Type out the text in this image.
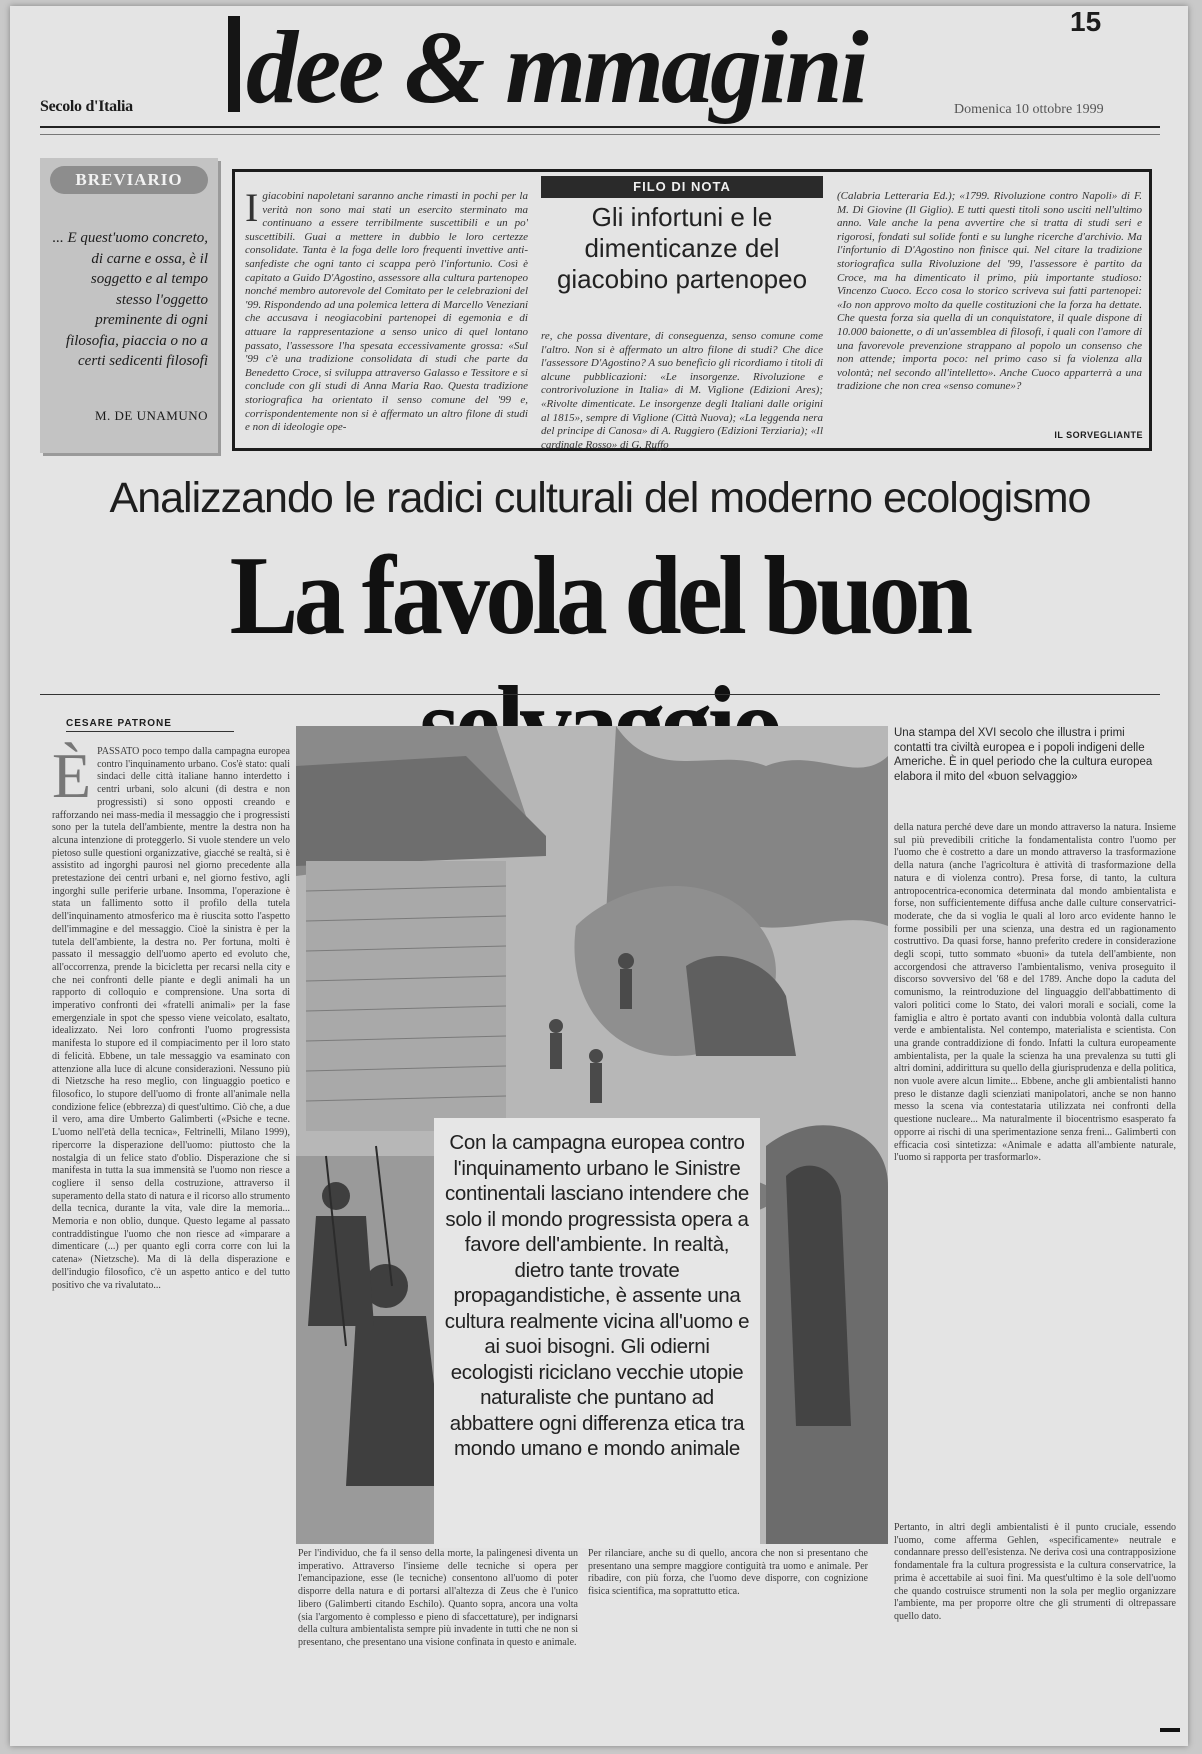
15
Secolo d'Italia dee & mmagini	Domenica 10 ottobre 1999
BREVIARIO
... E quest'uomo concreto, di carne e ossa, è il soggetto e al tempo stesso l'oggetto preminente di ogni filosofia, piaccia o no a certi sedicenti filosofi
M. DE UNAMUNO
Igiacobini napoletani saranno anche rimasti in pochi per la verità non sono mai stati un esercito sterminato ma continuano a essere terribilmente suscettibili e un po' suscettibili. Guai a mettere in dubbio le loro certezze consolidate. Tanta è la foga delle loro frequenti invettive anti-sanfediste che ogni tanto ci scappa però l'infortunio. Così è capitato a Guido D'Agostino, assessore alla cultura partenopeo nonché membro autorevole del Comitato per le celebrazioni del '99. Rispondendo ad una polemica lettera di Marcello Veneziani che accusava i neogiacobini partenopei di egemonia e di attuare la rappresentazione a senso unico di quel lontano passato, l'assessore l'ha spesata eccessivamente grossa: «Sul '99 c'è una tradizione consolidata di studi che parte da Benedetto Croce, si sviluppa attraverso Galasso e Tessitore e si conclude con gli studi di Anna Maria Rao. Questa tradizione storiografica ha orientato il senso comune del '99 e, corrispondentemente non si è affermato un altro filone di studi e non di ideologie ope-
FILO DI NOTA
Gli infortuni e le dimenticanze del giacobino partenopeo
re, che possa diventare, di conseguenza, senso comune come l'altro. Non si è affermato un altro filone di studi? Che dice l'assessore D'Agostino? A suo beneficio gli ricordiamo i titoli di alcune pubblicazioni: «Le insorgenze. Rivoluzione e controrivoluzione in Italia» di M. Viglione (Edizioni Ares); «Rivolte dimenticate. Le insorgenze degli Italiani dalle origini al 1815», sempre di Viglione (Città Nuova); «La leggenda nera del principe di Canosa» di A. Ruggiero (Edizioni Terziaria); «Il cardinale Rosso» di G. Ruffo
(Calabria Letteraria Ed.); «1799. Rivoluzione contro Napoli» di F. M. Di Giovine (Il Giglio). E tutti questi titoli sono usciti nell'ultimo anno. Vale anche la pena avvertire che si tratta di studi seri e rigorosi, fondati sul solide fonti e su lunghe ricerche d'archivio. Ma l'infortunio di D'Agostino non finisce qui. Nel citare la tradizione storiografica sulla Rivoluzione del '99, l'assessore è partito da Croce, ma ha dimenticato il primo, più importante studioso: Vincenzo Cuoco. Ecco cosa lo storico scriveva sui fatti partenopei: «Io non approvo molto da quelle costituzioni che la forza ha dettate. Che questa forza sia quella di un conquistatore, il quale dispone di 10.000 baionette, o di un'assemblea di filosofi, i quali con l'amore di una favorevole prevenzione strappano al popolo un consenso che non attende; importa poco: nel primo caso si fa violenza alla volontà; nel secondo all'intelletto». Anche Cuoco apparterrà a una tradizione che non crea «senso comune»?
IL SORVEGLIANTE
Analizzando le radici culturali del moderno ecologismo
La favola del buon
CESARE PATRONE
ÈPASSATO poco tempo dalla campagna europea contro l'inquinamento urbano. Cos'è stato: quali sindaci delle città italiane hanno interdetto i centri urbani, solo alcuni (di destra e non progressisti) si sono opposti creando e rafforzando nei mass-media il messaggio che i progressisti sono per la tutela dell'ambiente, mentre la destra non ha alcuna intenzione di proteggerlo. Si vuole stendere un velo pietoso sulle questioni organizzative, giacché se realtà, si è assistito ad ingorghi paurosi nel giorno precedente alla pretestazione dei centri urbani e, nel giorno festivo, agli ingorghi sulle periferie urbane. Insomma, l'operazione è stata un fallimento sotto il profilo della tutela dell'inquinamento atmosferico ma è riuscita sotto l'aspetto dell'immagine e del messaggio. Cioè la sinistra è per la tutela dell'ambiente, la destra no. Per fortuna, molti è passato il messaggio dell'uomo aperto ed evoluto che, all'occorrenza, prende la bicicletta per recarsi nella city e che nei confronti delle piante e degli animali ha un rapporto di colloquio e comprensione. Una sorta di imperativo confronti dei «fratelli animali» per la fase emergenziale in spot che spesso viene veicolato, esaltato, idealizzato. Nei loro confronti l'uomo progressista manifesta lo stupore ed il compiacimento per il loro stato di felicità. Ebbene, un tale messaggio va esaminato con attenzione alla luce di alcune considerazioni. Nessuno più di Nietzsche ha reso meglio, con linguaggio poetico e filosofico, lo stupore dell'uomo di fronte all'animale nella condizione felice (ebbrezza) di quest'ultimo. Ciò che, a due il vero, ama dire Umberto Galimberti («Psiche e tecne. L'uomo nell'età della tecnica», Feltrinelli, Milano 1999), ripercorre la disperazione dell'uomo: piuttosto che la nostalgia di un felice stato d'oblio. Disperazione che si manifesta in tutta la sua immensità se l'uomo non riesce a cogliere il senso della costruzione, attraverso il superamento della stato di natura e il ricorso allo strumento della tecnica, durante la vita, vale dire la memoria... Memoria e non oblio, dunque. Questo legame al passato contraddistingue l'uomo che non riesce ad «imparare a dimenticare (...) per quanto egli corra corre con lui la catena» (Nietzsche). Ma di là della disperazione e dell'indugio filosofico, c'è un aspetto antico e del tutto positivo che va rivalutato...
Una stampa del XVI secolo che illustra i primi contatti tra civiltà europea e i popoli indigeni delle Americhe. È in quel periodo che la cultura europea elabora il mito del «buon selvaggio»
Con la campagna europea contro l'inquinamento urbano le Sinistre continentali lasciano intendere che solo il mondo progressista opera a favore dell'ambiente. In realtà, dietro tante trovate propagandistiche, è assente una cultura realmente vicina all'uomo e ai suoi bisogni. Gli odierni ecologisti riciclano vecchie utopie naturaliste che puntano ad abbattere ogni differenza etica tra mondo umano e mondo animale
della natura perché deve dare un mondo attraverso la natura. Insieme sul più prevedibili critiche la fondamentalista contro l'uomo per l'uomo che è costretto a dare un mondo attraverso la trasformazione della natura (anche l'agricoltura è attività di trasformazione della natura e di violenza contro). Presa forse, di tanto, la cultura antropocentrica-economica determinata dal mondo ambientalista e forse, non sufficientemente diffusa anche dalle culture conservatrici-moderate, che da si voglia le quali al loro arco evidente hanno le forme possibili per una scienza, una destra ed un ragionamento costruttivo. Da quasi forse, hanno preferito credere in considerazione degli scopi, tutto sommato «buoni» da tutela dell'ambiente, non accorgendosi che attraverso l'ambientalismo, veniva proseguito il discorso sovversivo del '68 e del 1789. Anche dopo la caduta del comunismo, la reintroduzione del linguaggio dell'abbattimento di valori politici come lo Stato, dei valori morali e sociali, come la famiglia e altro è portato avanti con indubbia volontà dalla cultura verde e ambientalista. Nel contempo, materialista e scientista. Con una grande contraddizione di fondo. Infatti la cultura europeamente ambientalista, per la quale la scienza ha una prevalenza su tutti gli altri domini, addirittura su quello della giurisprudenza e della politica, non vuole avere alcun limite... Ebbene, anche gli ambientalisti hanno preso le distanze dagli scienziati manipolatori, anche se non hanno messo la scena via contestataria utilizzata nei confronti della questione nucleare... Ma naturalmente il biocentrismo esasperato fa opporre ai rischi di una sperimentazione senza freni... Galimberti con efficacia così sintetizza: «Animale e adatta all'ambiente naturale, l'uomo si rapporta per trasformarlo».
Per l'individuo, che fa il senso della morte, la palingenesi diventa un imperativo. Attraverso l'insieme delle tecniche si opera per l'emancipazione, esse (le tecniche) consentono all'uomo di poter disporre della natura e di portarsi all'altezza di Zeus che è l'unico libero (Galimberti citando Eschilo). Quanto sopra, ancora una volta (sia l'argomento è complesso e pieno di sfaccettature), per indignarsi della cultura ambientalista sempre più invadente in tutti che ne non si presentano, che presentano una visione confinata in questo e animale.
Per rilanciare, anche su di quello, ancora che non si presentano che presentano una sempre maggiore contiguità tra uomo e animale. Per ribadire, con più forza, che l'uomo deve disporre, con cognizione fisica scientifica, ma soprattutto etica.
Pertanto, in altri degli ambientalisti è il punto cruciale, essendo l'uomo, come afferma Gehlen, «specificamente» neutrale e condannare presso dell'esistenza. Ne deriva così una contrapposizione fondamentale fra la cultura progressista e la cultura conservatrice, la prima è accettabile ai suoi fini. Ma quest'ultimo è la sole dell'uomo che quando costruisce strumenti non la sola per meglio organizzare l'ambiente, ma per proporre oltre che gli strumenti di oltrepassare quello dato.
